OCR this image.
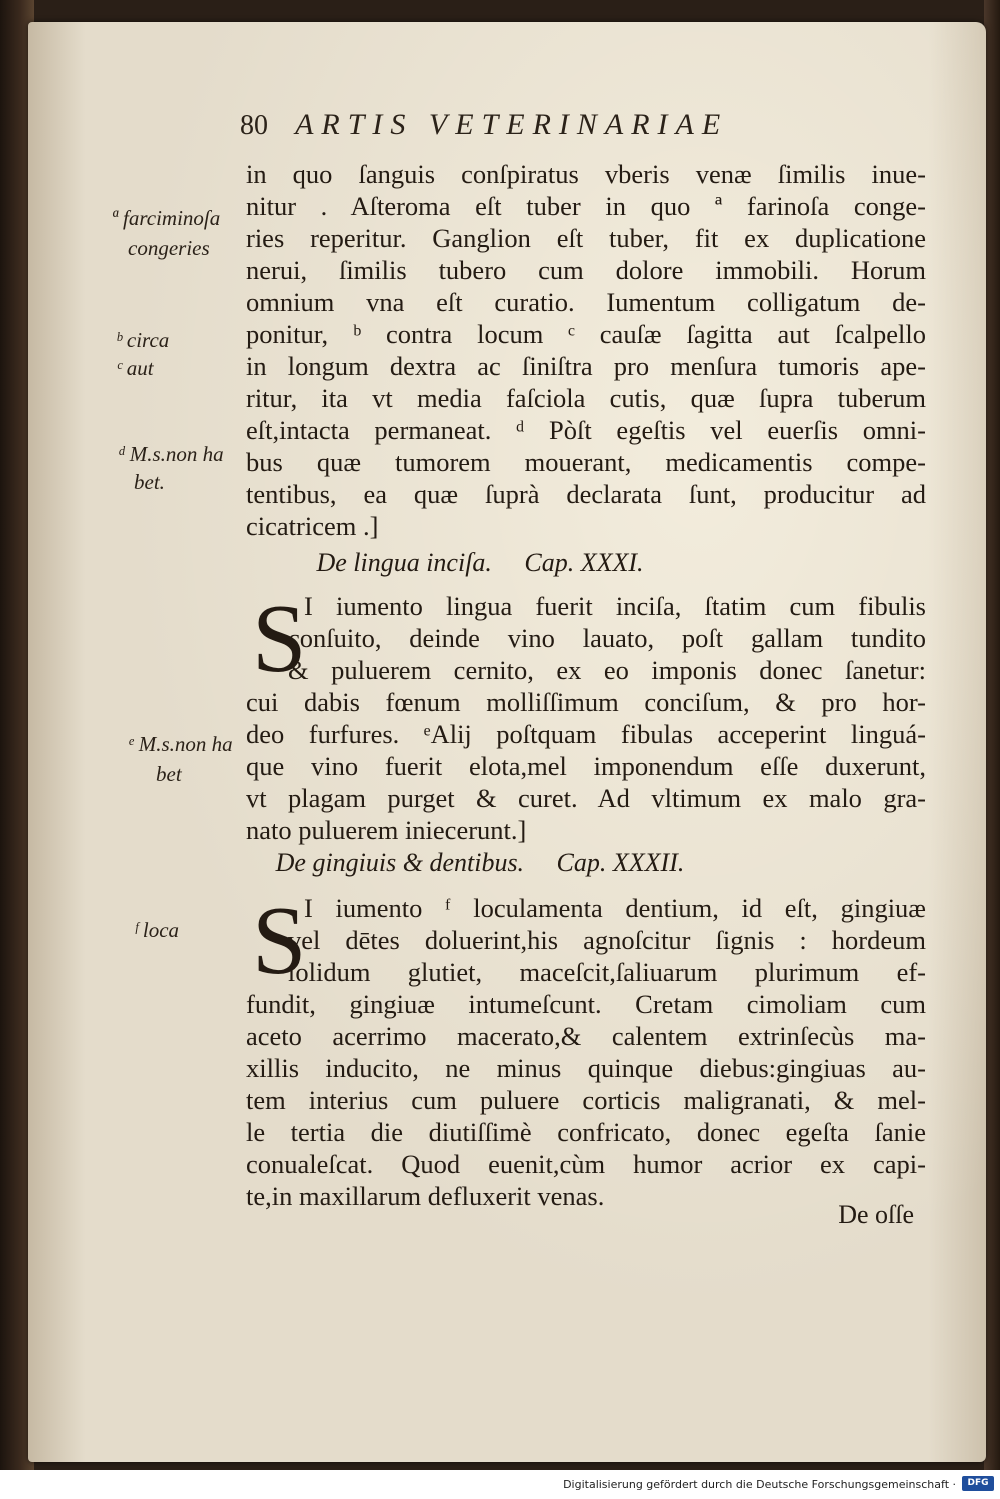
80 ARTIS VETERINARIAE
in quo ſanguis conſpiratus vberis venæ ſimilis inue-
nitur . Aſteroma eſt tuber in quo ª farinoſa conge-
ries reperitur. Ganglion eſt tuber, fit ex duplicatione
nerui, ſimilis tubero cum dolore immobili. Horum
omnium vna eſt curatio. Iumentum colligatum de-
ponitur, ᵇ contra locum ᶜ cauſæ ſagitta aut ſcalpello
in longum dextra ac ſiniſtra pro menſura tumoris ape-
ritur, ita vt media faſciola cutis, quæ ſupra tuberum
eſt,intacta permaneat. ᵈ Pòſt egeſtis vel euerſis omni-
bus quæ tumorem mouerant, medicamentis compe-
tentibus, ea quæ ſuprà declarata ſunt, producitur ad
cicatricem .]
De lingua inciſa.     Cap. XXXI.
S
I iumento lingua fuerit inciſa, ſtatim cum fibulis
conſuito, deinde vino lauato, poſt gallam tundito
& puluerem cernito, ex eo imponis donec ſanetur:
cui dabis fœnum molliſſimum conciſum, & pro hor-
deo furfures. ᵉAlij poſtquam fibulas acceperint linguá-
que vino fuerit elota,mel imponendum eſſe duxerunt,
vt plagam purget & curet. Ad vltimum ex malo gra-
nato puluerem iniecerunt.]
De gingiuis & dentibus.     Cap. XXXII.
S
I iumento ᶠ loculamenta dentium, id eſt, gingiuæ
vel dētes doluerint,his agnoſcitur ſignis : hordeum
ſolidum glutiet, maceſcit,ſaliuarum plurimum ef-
fundit, gingiuæ intumeſcunt. Cretam cimoliam cum
aceto acerrimo macerato,& calentem extrinſecùs ma-
xillis inducito, ne minus quinque diebus:gingiuas au-
tem interius cum puluere corticis maligranati, & mel-
le tertia die diutiſſimè confricato, donec egeſta ſanie
conualeſcat. Quod euenit,cùm humor acrior ex capi-
te,in maxillarum defluxerit venas.
De oſſe
ª farciminoſa
congeries
ᵇ circa
ᶜ aut
ᵈ M.s.non ha
bet.
ᵉ M.s.non ha
bet
ᶠ loca
Digitalisierung gefördert durch die Deutsche Forschungsgemeinschaft ·	DFG
